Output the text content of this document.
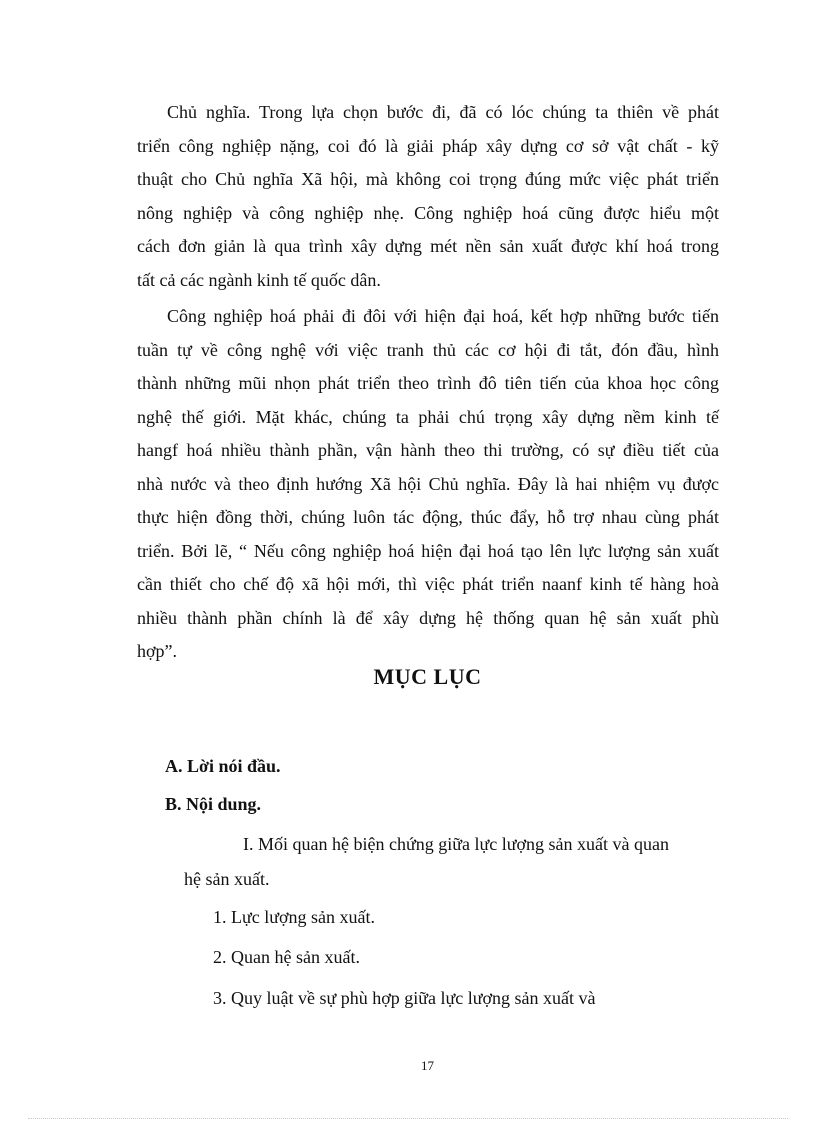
Chủ nghĩa. Trong lựa chọn bước đi, đã có lóc chúng ta thiên về phát
triển công nghiệp nặng, coi đó là giải pháp xây dựng cơ sở vật chất - kỹ
thuật cho Chủ nghĩa Xã hội, mà không coi trọng đúng mức việc phát triển
nông nghiệp và công nghiệp nhẹ. Công nghiệp hoá cũng được hiểu một
cách đơn giản là qua trình xây dựng mét nền sản xuất được khí hoá trong
tất cả các ngành kinh tế quốc dân.
Công nghiệp hoá phải đi đôi với hiện đại hoá, kết hợp những bước tiến
tuần tự về công nghệ với việc tranh thủ các cơ hội đi tắt, đón đầu, hình
thành những mũi nhọn phát triển theo trình đô tiên tiến của khoa học công
nghệ thế giới. Mặt khác, chúng ta phải chú trọng xây dựng nềm kinh tế
hangf hoá nhiều thành phần, vận hành theo thi trường, có sự điều tiết của
nhà nước và theo định hướng Xã hội Chủ nghĩa. Đây là hai nhiệm vụ được
thực hiện đồng thời, chúng luôn tác động, thúc đẩy, hỗ trợ nhau cùng phát
triển. Bởi lẽ, “ Nếu công nghiệp hoá hiện đại hoá tạo lên lực lượng sản xuất
cần thiết cho chế độ xã hội mới, thì việc phát triển naanf kinh tế hàng hoà
nhiều thành phần chính là để xây dựng hệ thống quan hệ sản xuất phù
hợp”.
MỤC LỤC

A. Lời nói đầu.

B. Nội dung.

I. Mối quan hệ biện chứng giữa lực lượng sản xuất và quan

hệ sản xuất.

1. Lực lượng sản xuất.

2. Quan hệ sản xuất.

3. Quy luật về sự phù hợp giữa lực lượng sản xuất và

17
